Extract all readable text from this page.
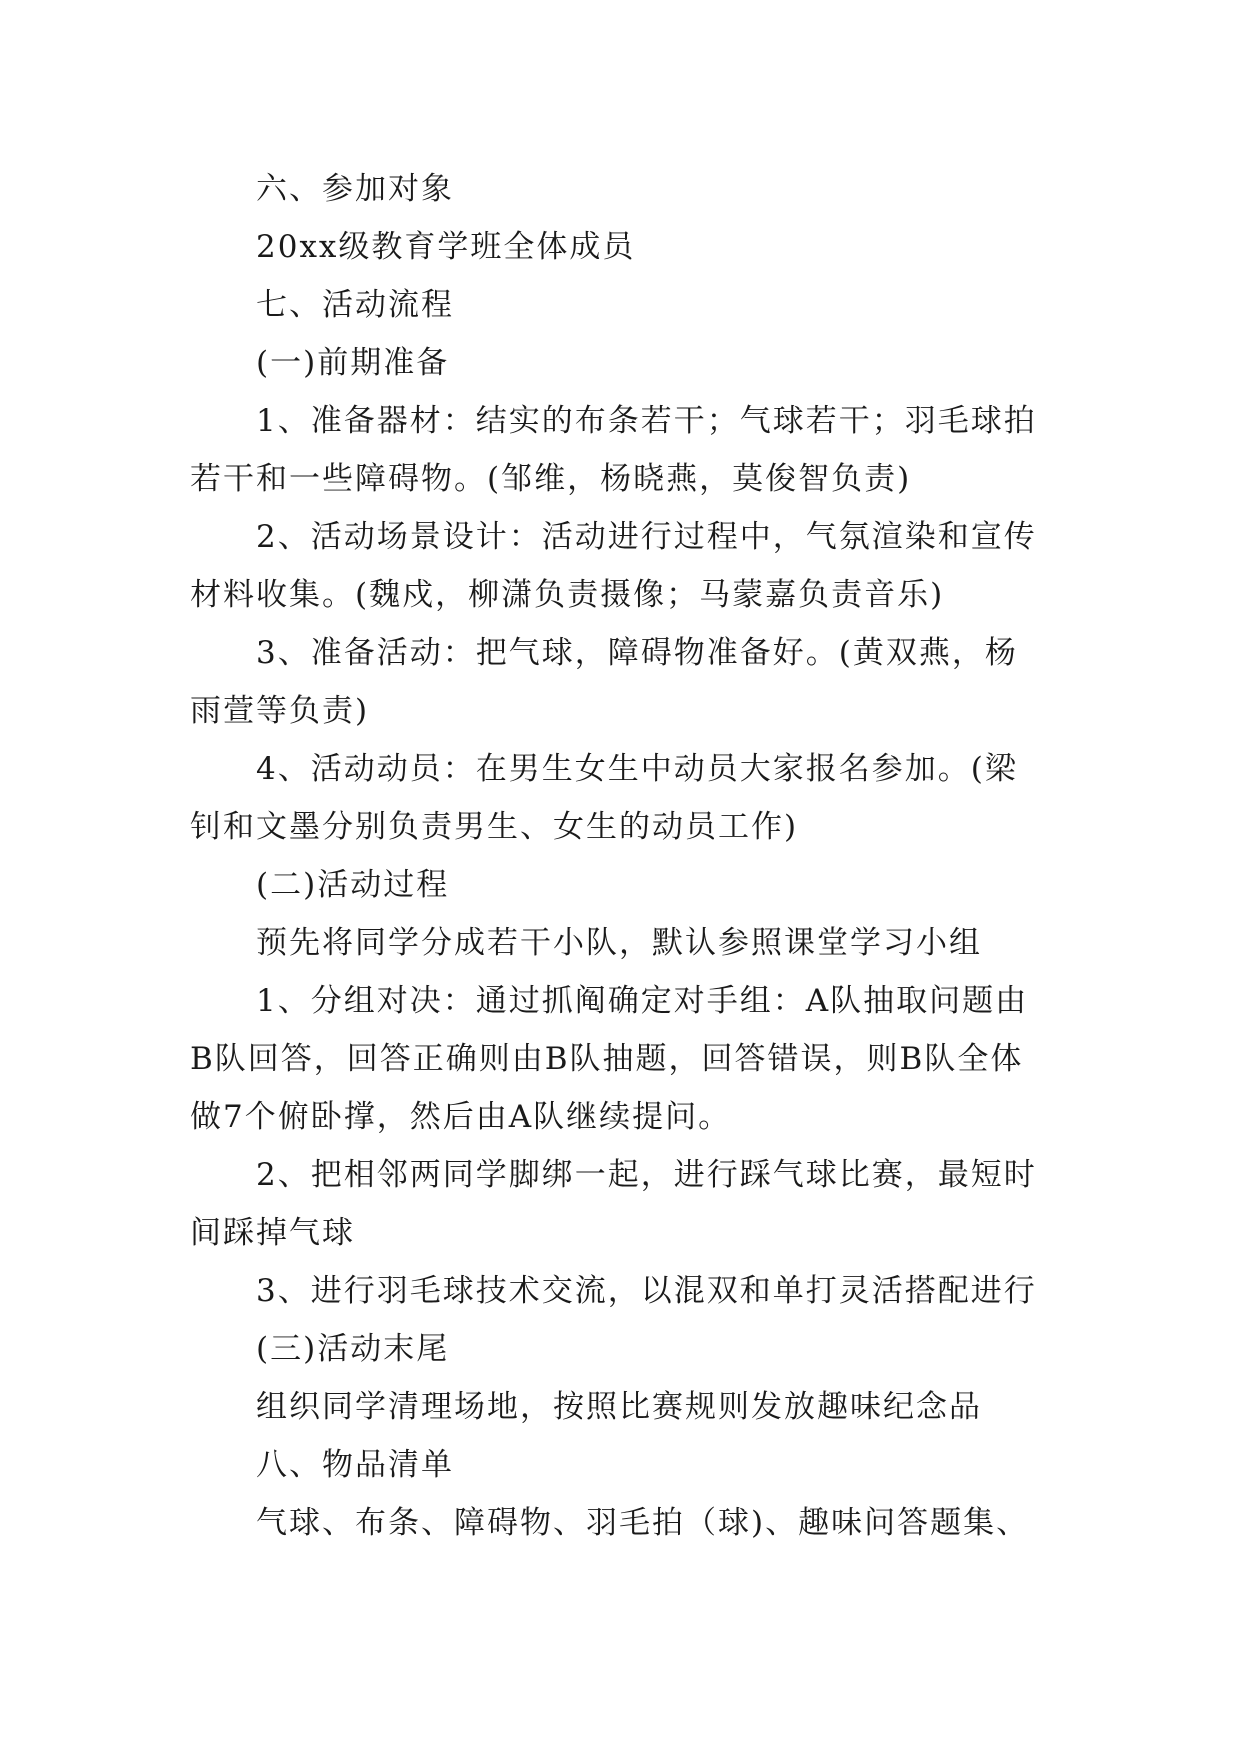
六、参加对象

20xx级教育学班全体成员

七、活动流程

(一)前期准备

1、准备器材：结实的布条若干；气球若干；羽毛球拍若干和一些障碍物。(邹维，杨晓燕，莫俊智负责)

2、活动场景设计：活动进行过程中，气氛渲染和宣传材料收集。(魏戍，柳潇负责摄像；马蒙嘉负责音乐)

3、准备活动：把气球，障碍物准备好。(黄双燕，杨雨萱等负责)

4、活动动员：在男生女生中动员大家报名参加。(梁钊和文墨分别负责男生、女生的动员工作)

(二)活动过程

预先将同学分成若干小队，默认参照课堂学习小组

1、分组对决：通过抓阄确定对手组：A队抽取问题由B队回答，回答正确则由B队抽题，回答错误，则B队全体做7个俯卧撑，然后由A队继续提问。

2、把相邻两同学脚绑一起，进行踩气球比赛，最短时间踩掉气球

3、进行羽毛球技术交流，以混双和单打灵活搭配进行

(三)活动末尾

组织同学清理场地，按照比赛规则发放趣味纪念品

八、物品清单

气球、布条、障碍物、羽毛拍（球)、趣味问答题集、
